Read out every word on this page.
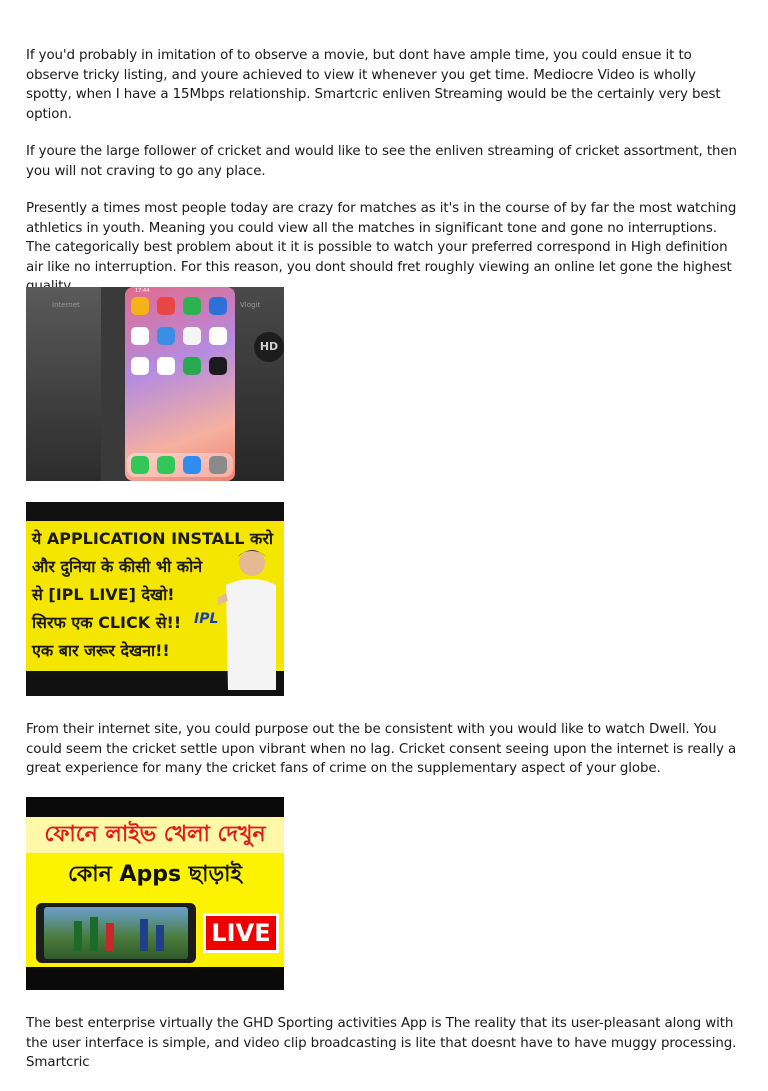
If you'd probably in imitation of to observe a movie, but dont have ample time, you could ensue it to observe tricky listing, and youre achieved to view it whenever you get time. Mediocre Video is wholly spotty, when I have a 15Mbps relationship. Smartcric enliven Streaming would be the certainly very best option.

If youre the large follower of cricket and would like to see the enliven streaming of cricket assortment, then you will not craving to go any place.

Presently a times most people today are crazy for matches as it's in the course of by far the most watching athletics in youth. Meaning you could view all the matches in significant tone and gone no interruptions. The categorically best problem about it it is possible to watch your preferred correspond in High definition air like no interruption. For this reason, you dont should fret roughly viewing an online let gone the highest

Internet	Vlogit
HD
17:44
ये APPLICATION INSTALL करो
और दुनिया के कीसी भी कोने
से [IPL LIVE] देखो!
सिरफ एक CLICK से!!
एक बार जरूर देखना!!
IPL

From their internet site, you could purpose out the be consistent with you would like to watch Dwell. You could seem the cricket settle upon vibrant when no lag. Cricket consent seeing upon the internet is really a great experience for many the cricket fans of crime on the supplementary aspect of your globe.

ফোনে লাইভ খেলা দেখুন
কোন Apps ছাড়াই
LIVE

The best enterprise virtually the GHD Sporting activities App is The reality that its user-pleasant along with the user interface is simple, and video clip broadcasting is lite that doesnt have to have muggy processing. Smartcric
